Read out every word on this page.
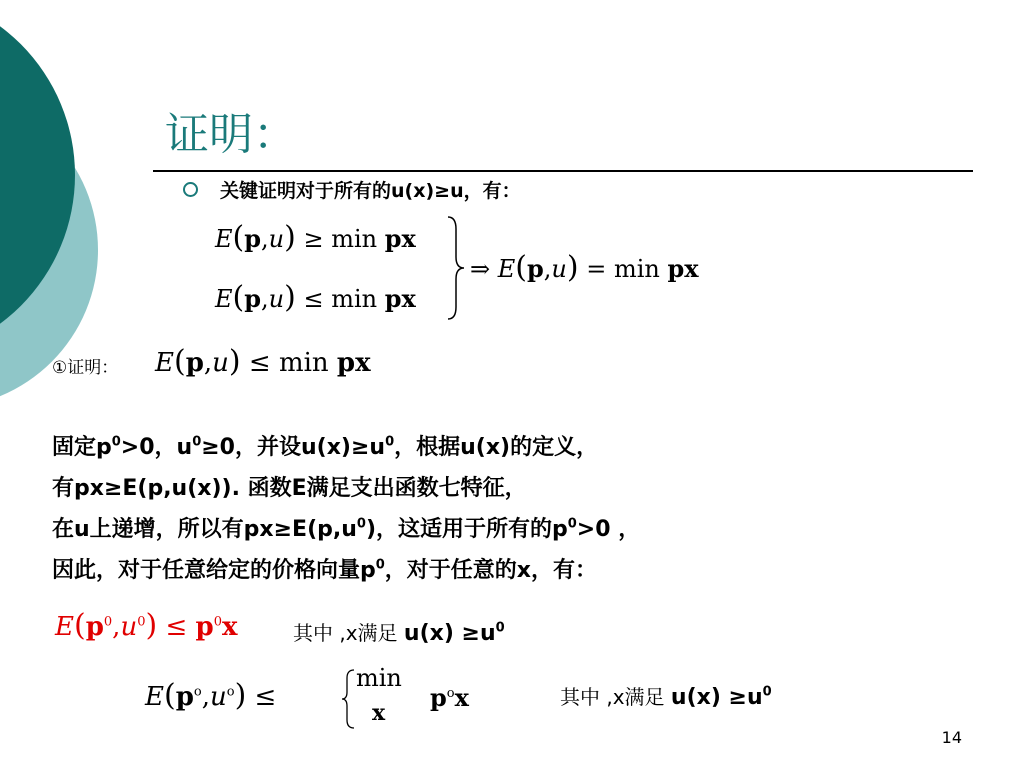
证明：
关键证明对于所有的u(x)≥u，有：
E(p,u) ≥ min px
E(p,u) ≤ min px
⇒ E(p,u) = min px
①证明： E(p,u) ≤ min px
固定$p^0>0$，$u^0\ge 0$，并设$u(x)\ge u^0$，根据u(x)的定义，
有px≥E(p,u(x)). 函数E满足支出函数七特征，
在u上递增，所以有$px\ge E(p,u^0)$，这适用于所有的$p^0>0$ ，
因此，对于任意给定的价格向量$p^0$，对于任意的x，有：
$E(p^0,u^0) \le p^0x$	其中 ,x满足 $u(x) \ge u^0$
$E(p^o,u^o)$ ≤
min
x
$p^ox$	其中 ,x满足 $u(x) \ge u^0$
14
